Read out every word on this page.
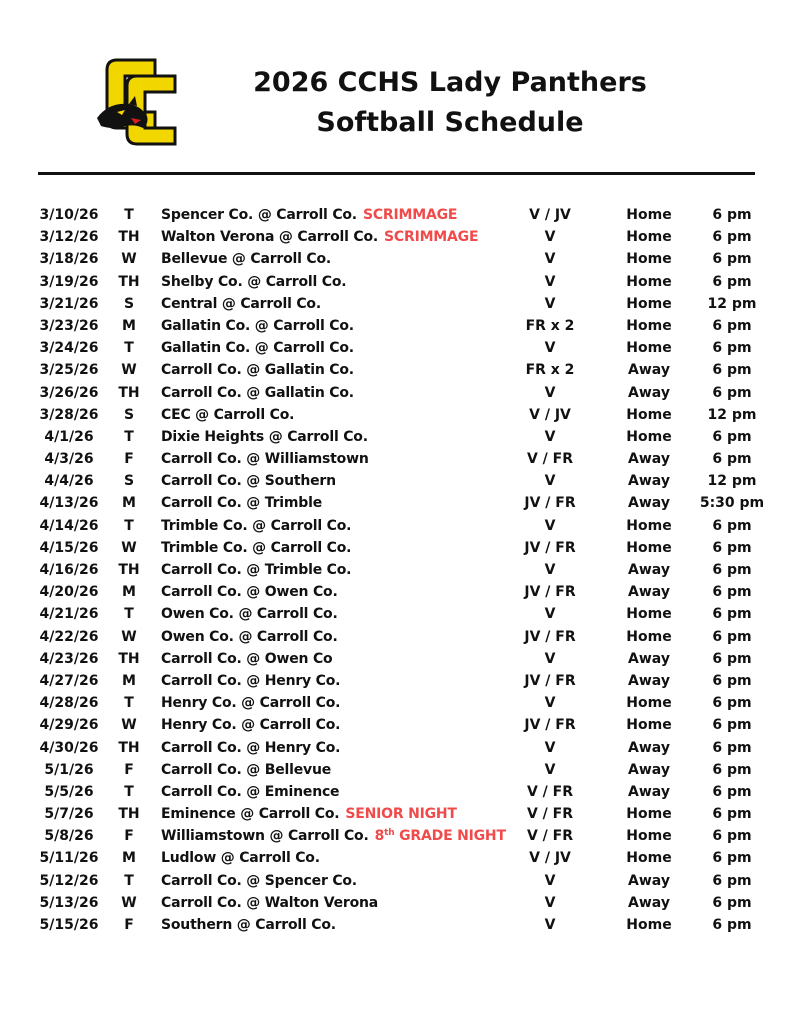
2026 CCHS Lady Panthers
Softball Schedule
3/10/26	T	Spencer Co. @ Carroll Co. SCRIMMAGE	V / JV	Home	6 pm
3/12/26	TH	Walton Verona @ Carroll Co. SCRIMMAGE	V	Home	6 pm
3/18/26	W	Bellevue @ Carroll Co.	V	Home	6 pm
3/19/26	TH	Shelby Co. @ Carroll Co.	V	Home	6 pm
3/21/26	S	Central @ Carroll Co.	V	Home	12 pm
3/23/26	M	Gallatin Co. @ Carroll Co.	FR x 2	Home	6 pm
3/24/26	T	Gallatin Co. @ Carroll Co.	V	Home	6 pm
3/25/26	W	Carroll Co. @ Gallatin Co.	FR x 2	Away	6 pm
3/26/26	TH	Carroll Co. @ Gallatin Co.	V	Away	6 pm
3/28/26	S	CEC @ Carroll Co.	V / JV	Home	12 pm
4/1/26	T	Dixie Heights @ Carroll Co.	V	Home	6 pm
4/3/26	F	Carroll Co. @ Williamstown	V / FR	Away	6 pm
4/4/26	S	Carroll Co. @ Southern	V	Away	12 pm
4/13/26	M	Carroll Co. @ Trimble	JV / FR	Away	5:30 pm
4/14/26	T	Trimble Co. @ Carroll Co.	V	Home	6 pm
4/15/26	W	Trimble Co. @ Carroll Co.	JV / FR	Home	6 pm
4/16/26	TH	Carroll Co. @ Trimble Co.	V	Away	6 pm
4/20/26	M	Carroll Co. @ Owen Co.	JV / FR	Away	6 pm
4/21/26	T	Owen Co. @ Carroll Co.	V	Home	6 pm
4/22/26	W	Owen Co. @ Carroll Co.	JV / FR	Home	6 pm
4/23/26	TH	Carroll Co. @ Owen Co	V	Away	6 pm
4/27/26	M	Carroll Co. @ Henry Co.	JV / FR	Away	6 pm
4/28/26	T	Henry Co. @ Carroll Co.	V	Home	6 pm
4/29/26	W	Henry Co. @ Carroll Co.	JV / FR	Home	6 pm
4/30/26	TH	Carroll Co. @ Henry Co.	V	Away	6 pm
5/1/26	F	Carroll Co. @ Bellevue	V	Away	6 pm
5/5/26	T	Carroll Co. @ Eminence	V / FR	Away	6 pm
5/7/26	TH	Eminence @ Carroll Co. SENIOR NIGHT	V / FR	Home	6 pm
5/8/26	F	Williamstown @ Carroll Co. 8th GRADE NIGHT	V / FR	Home	6 pm
5/11/26	M	Ludlow @ Carroll Co.	V / JV	Home	6 pm
5/12/26	T	Carroll Co. @ Spencer Co.	V	Away	6 pm
5/13/26	W	Carroll Co. @ Walton Verona	V	Away	6 pm
5/15/26	F	Southern @ Carroll Co.	V	Home	6 pm
